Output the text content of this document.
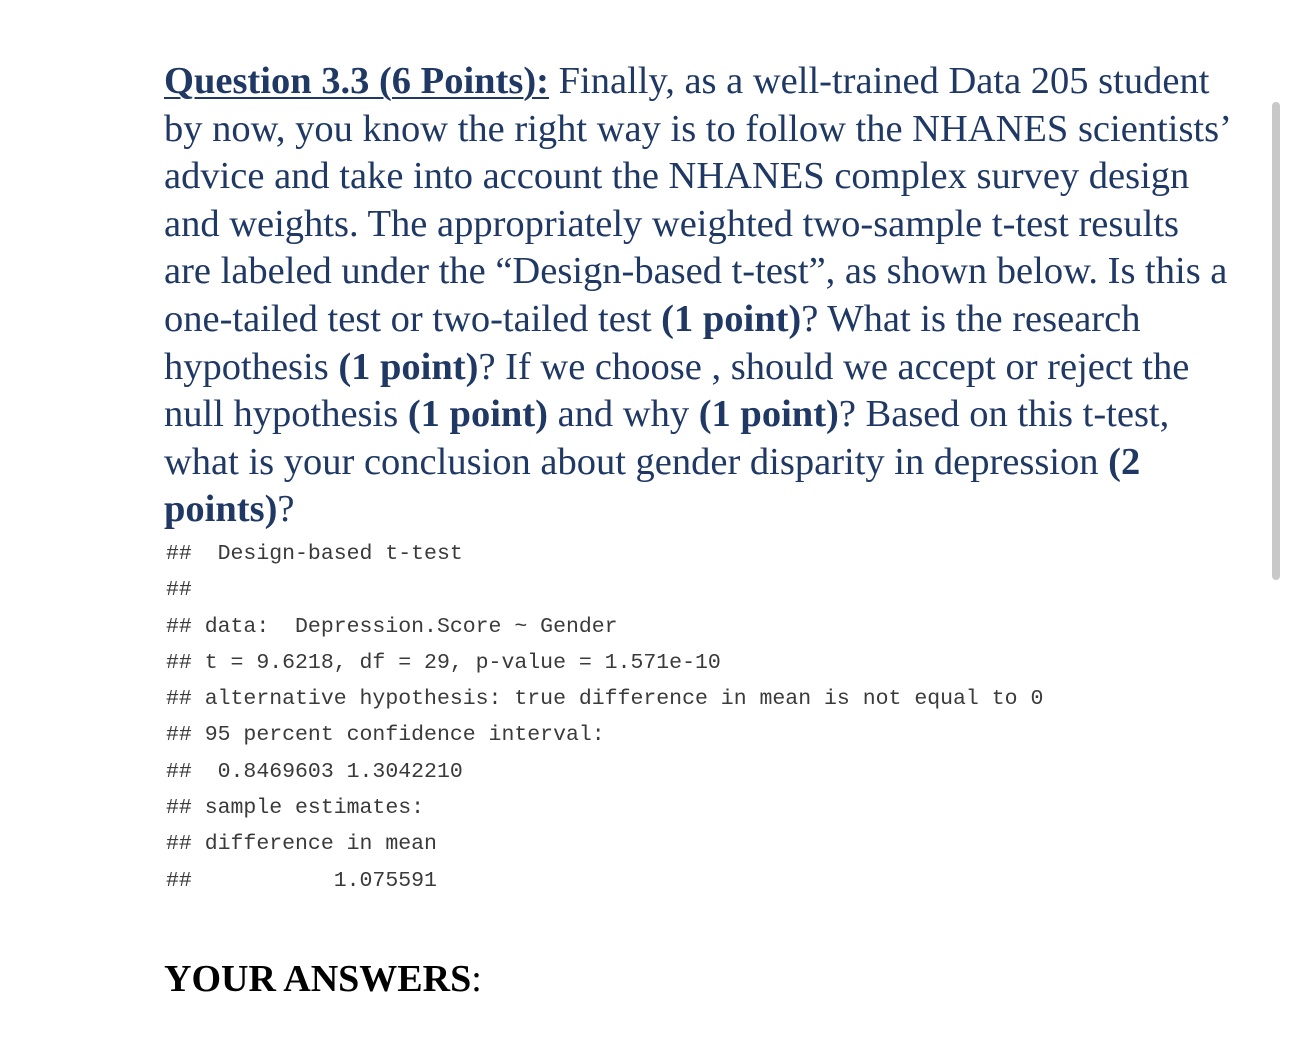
Question 3.3 (6 Points): Finally, as a well-trained Data 205 student by now, you know the right way is to follow the NHANES scientists’ advice and take into account the NHANES complex survey design and weights. The appropriately weighted two-sample t-test results are labeled under the “Design-based t-test”, as shown below. Is this a one-tailed test or two-tailed test (1 point)? What is the research hypothesis (1 point)? If we choose , should we accept or reject the null hypothesis (1 point) and why (1 point)? Based on this t-test, what is your conclusion about gender disparity in depression (2 points)?

##  Design-based t-test
##
## data:  Depression.Score ~ Gender
## t = 9.6218, df = 29, p-value = 1.571e-10
## alternative hypothesis: true difference in mean is not equal to 0
## 95 percent confidence interval:
##  0.8469603 1.3042210
## sample estimates:
## difference in mean
##           1.075591

YOUR ANSWERS:
